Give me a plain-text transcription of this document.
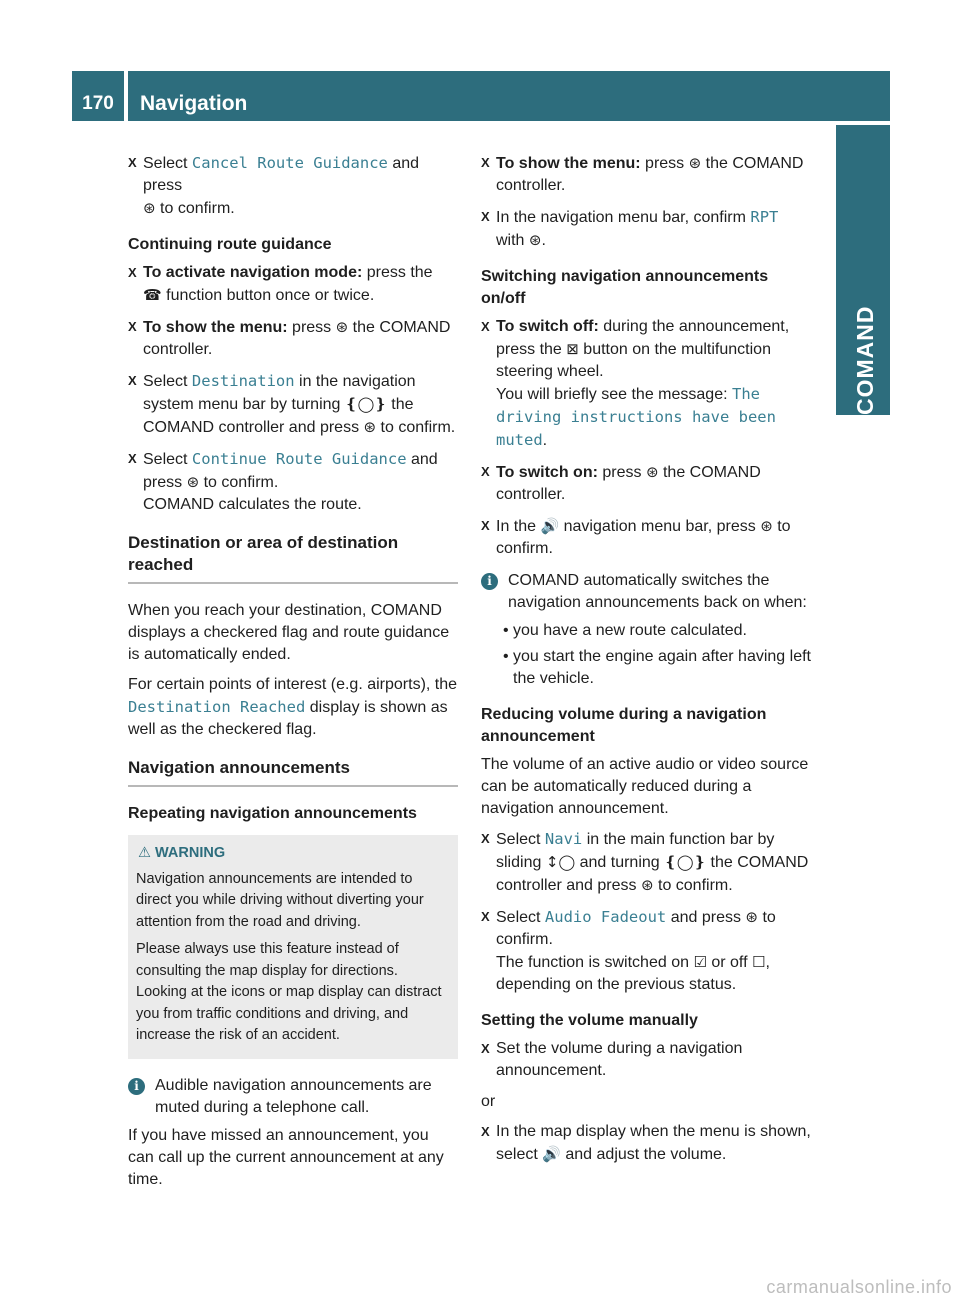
170	Navigation
COMAND
X Select Cancel Route Guidance and press
⊛ to confirm.
Continuing route guidance
X To activate navigation mode: press the
☎ function button once or twice.
X To show the menu: press ⊛ the COMAND controller.
X Select Destination in the navigation system menu bar by turning ❴◯❵ the COMAND controller and press ⊛ to confirm.
X Select Continue Route Guidance and press ⊛ to confirm.
COMAND calculates the route.
Destination or area of destination reached

When you reach your destination, COMAND displays a checkered flag and route guidance is automatically ended.

For certain points of interest (e.g. airports), the Destination Reached display is shown as well as the checkered flag.

Navigation announcements
Repeating navigation announcements
⚠ WARNING

Navigation announcements are intended to direct you while driving without diverting your attention from the road and driving.

Please always use this feature instead of consulting the map display for directions. Looking at the icons or map display can distract you from traffic conditions and driving, and increase the risk of an accident.

i	Audible navigation announcements are muted during a telephone call.

If you have missed an announcement, you can call up the current announcement at any time.

X To show the menu: press ⊛ the COMAND controller.
X In the navigation menu bar, confirm RPT
with ⊛.
Switching navigation announcements on/off
X To switch off: during the announcement, press the ⊠ button on the multifunction steering wheel.
You will briefly see the message: The driving instructions have been muted.
X To switch on: press ⊛ the COMAND controller.
X In the 🔊 navigation menu bar, press ⊛ to confirm.
i	COMAND automatically switches the navigation announcements back on when:
• you have a new route calculated.
• you start the engine again after having left the vehicle.
Reducing volume during a navigation announcement

The volume of an active audio or video source can be automatically reduced during a navigation announcement.

X Select Navi in the main function bar by sliding ↕◯ and turning ❴◯❵ the COMAND controller and press ⊛ to confirm.
X Select Audio Fadeout and press ⊛ to confirm.
The function is switched on ☑ or off ☐,
depending on the previous status.
Setting the volume manually
X Set the volume during a navigation announcement.

or

X In the map display when the menu is shown, select 🔊 and adjust the volume.
carmanualsonline.info
